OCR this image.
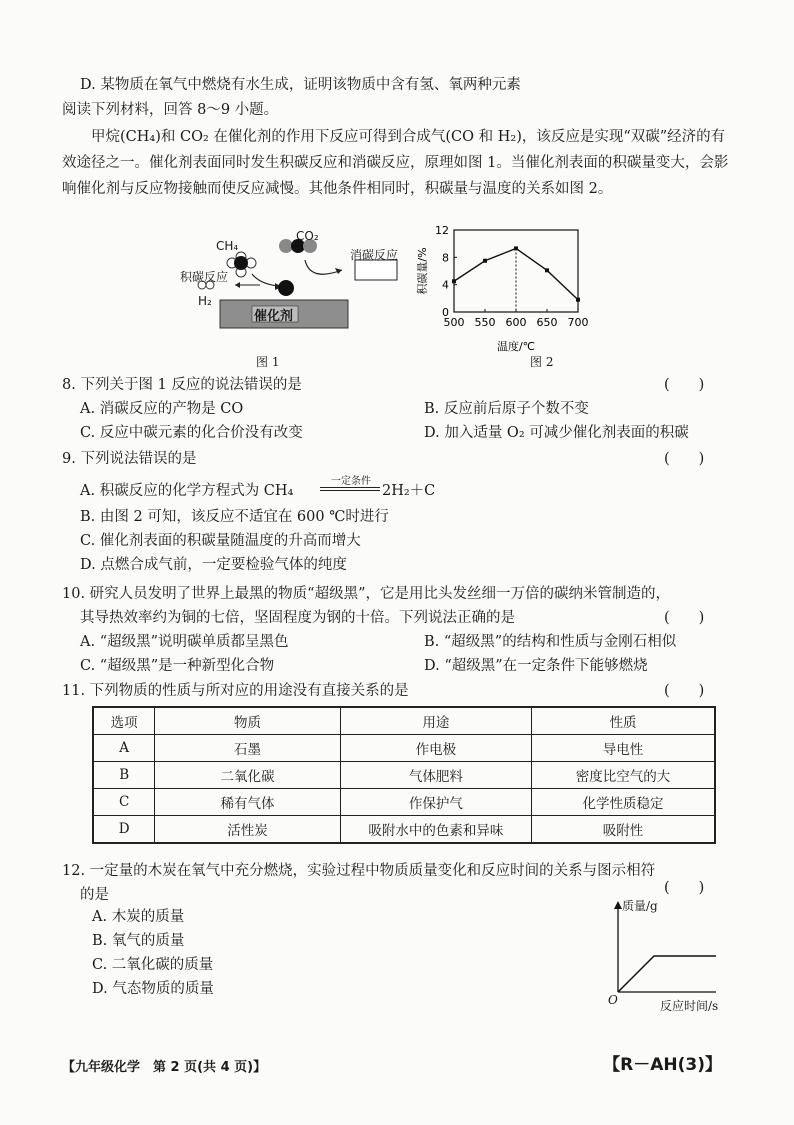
D. 某物质在氧气中燃烧有水生成，证明该物质中含有氢、氧两种元素
阅读下列材料，回答 8～9 小题。
甲烷(CH₄)和 CO₂ 在催化剂的作用下反应可得到合成气(CO 和 H₂)，该反应是实现“双碳”经济的有效途径之一。催化剂表面同时发生积碳反应和消碳反应，原理如图 1。当催化剂表面的积碳量变大，会影响催化剂与反应物接触而使反应减慢。其他条件相同时，积碳量与温度的关系如图 2。
CH₄
CO₂
积碳反应
消碳反应
H₂
催化剂
图 1
0
4
8
12
500 550 600 650 700
积碳量/%
温度/℃
图 2
8. 下列关于图 1 反应的说法错误的是	(　　)
A. 消碳反应的产物是 CO	B. 反应前后原子个数不变
C. 反应中碳元素的化合价没有改变	D. 加入适量 O₂ 可减少催化剂表面的积碳
9. 下列说法错误的是	(　　)
A. 积碳反应的化学方程式为 CH₄
一定条件
2H₂＋C
B. 由图 2 可知，该反应不适宜在 600 ℃时进行
C. 催化剂表面的积碳量随温度的升高而增大
D. 点燃合成气前，一定要检验气体的纯度
10. 研究人员发明了世界上最黑的物质“超级黑”，它是用比头发丝细一万倍的碳纳米管制造的，
其导热效率约为铜的七倍，坚固程度为钢的十倍。下列说法正确的是	(　　)
A. “超级黑”说明碳单质都呈黑色	B. “超级黑”的结构和性质与金刚石相似
C. “超级黑”是一种新型化合物	D. “超级黑”在一定条件下能够燃烧
11. 下列物质的性质与所对应的用途没有直接关系的是	(　　)
选项	物质	用途	性质
A	石墨	作电极	导电性
B	二氧化碳	气体肥料	密度比空气的大
C	稀有气体	作保护气	化学性质稳定
D	活性炭	吸附水中的色素和异味	吸附性
12. 一定量的木炭在氧气中充分燃烧，实验过程中物质质量变化和反应时间的关系与图示相符
的是	(　　)
A. 木炭的质量
B. 氧气的质量
C. 二氧化碳的质量
D. 气态物质的质量
质量/g
O	反应时间/s
【九年级化学　第 2 页(共 4 页)】	【R－AH(3)】
